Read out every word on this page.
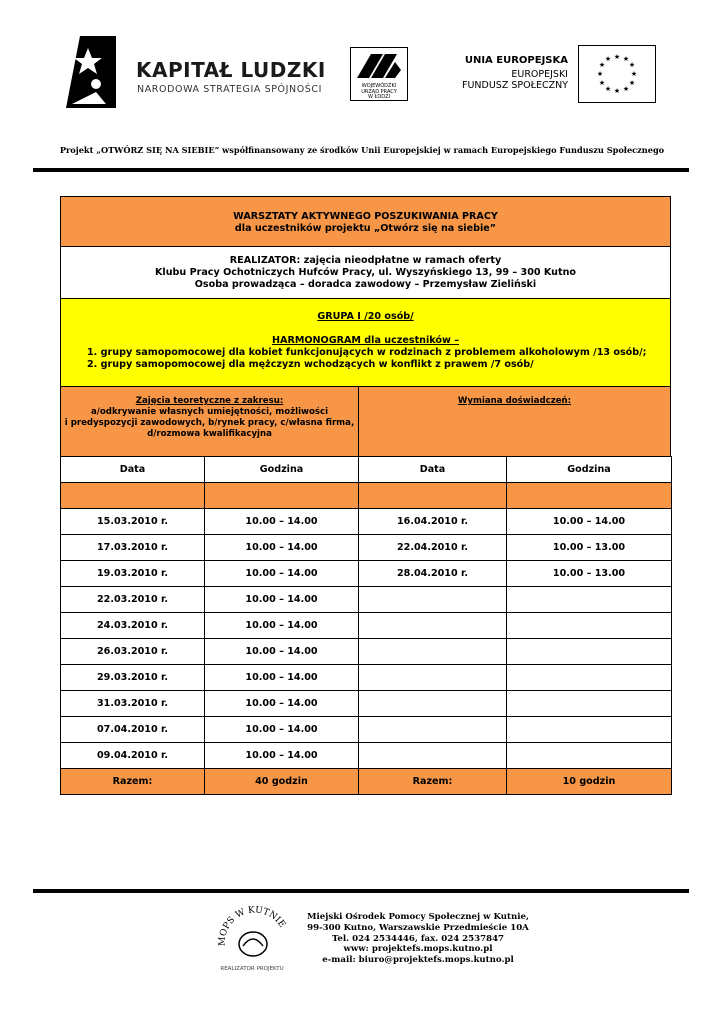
KAPITAŁ LUDZKI
NARODOWA STRATEGIA SPÓJNOŚCI	WOJEWÓDZKI
URZĄD PRACY
W ŁODZI
UNIA EUROPEJSKA
EUROPEJSKI
FUNDUSZ SPOŁECZNY
★ ★
★
★
★
★
★
★
★
★
★
★
Projekt „OTWÓRZ SIĘ NA SIEBIE” współfinansowany ze środków Unii Europejskiej w ramach Europejskiego Funduszu Społecznego
WARSZTATY AKTYWNEGO POSZUKIWANIA PRACY
dla uczestników projektu „Otwórz się na siebie”
REALIZATOR: zajęcia nieodpłatne w ramach oferty
Klubu Pracy Ochotniczych Hufców Pracy, ul. Wyszyńskiego 13, 99 – 300 Kutno
Osoba prowadząca – doradca zawodowy – Przemysław Zieliński
GRUPA I /20 osób/
HARMONOGRAM dla uczestników –
1. grupy samopomocowej dla kobiet funkcjonujących w rodzinach z problemem alkoholowym /13 osób/;
2. grupy samopomocowej dla mężczyzn wchodzących w konflikt z prawem /7 osób/
Zajęcia teoretyczne z zakresu:
a/odkrywanie własnych umiejętności, możliwości
i predyspozycji zawodowych, b/rynek pracy, c/własna firma,
d/rozmowa kwalifikacyjna
Wymiana doświadczeń:
Data	Godzina	Data	Godzina

15.03.2010 r.	10.00 – 14.00	16.04.2010 r.	10.00 – 14.00
17.03.2010 r.	10.00 – 14.00	22.04.2010 r.	10.00 – 13.00
19.03.2010 r.	10.00 – 14.00	28.04.2010 r.	10.00 – 13.00
22.03.2010 r.	10.00 – 14.00		
24.03.2010 r.	10.00 – 14.00		
26.03.2010 r.	10.00 – 14.00		
29.03.2010 r.	10.00 – 14.00		
31.03.2010 r.	10.00 – 14.00		
07.04.2010 r.	10.00 – 14.00		
09.04.2010 r.	10.00 – 14.00		
Razem:	40 godzin	Razem:	10 godzin
MOPS W KUTNIE
REALIZATOR PROJEKTU
Miejski Ośrodek Pomocy Społecznej w Kutnie,
99-300 Kutno, Warszawskie Przedmieście 10A
Tel. 024 2534446, fax. 024 2537847
www: projektefs.mops.kutno.pl
e-mail: biuro@projektefs.mops.kutno.pl
